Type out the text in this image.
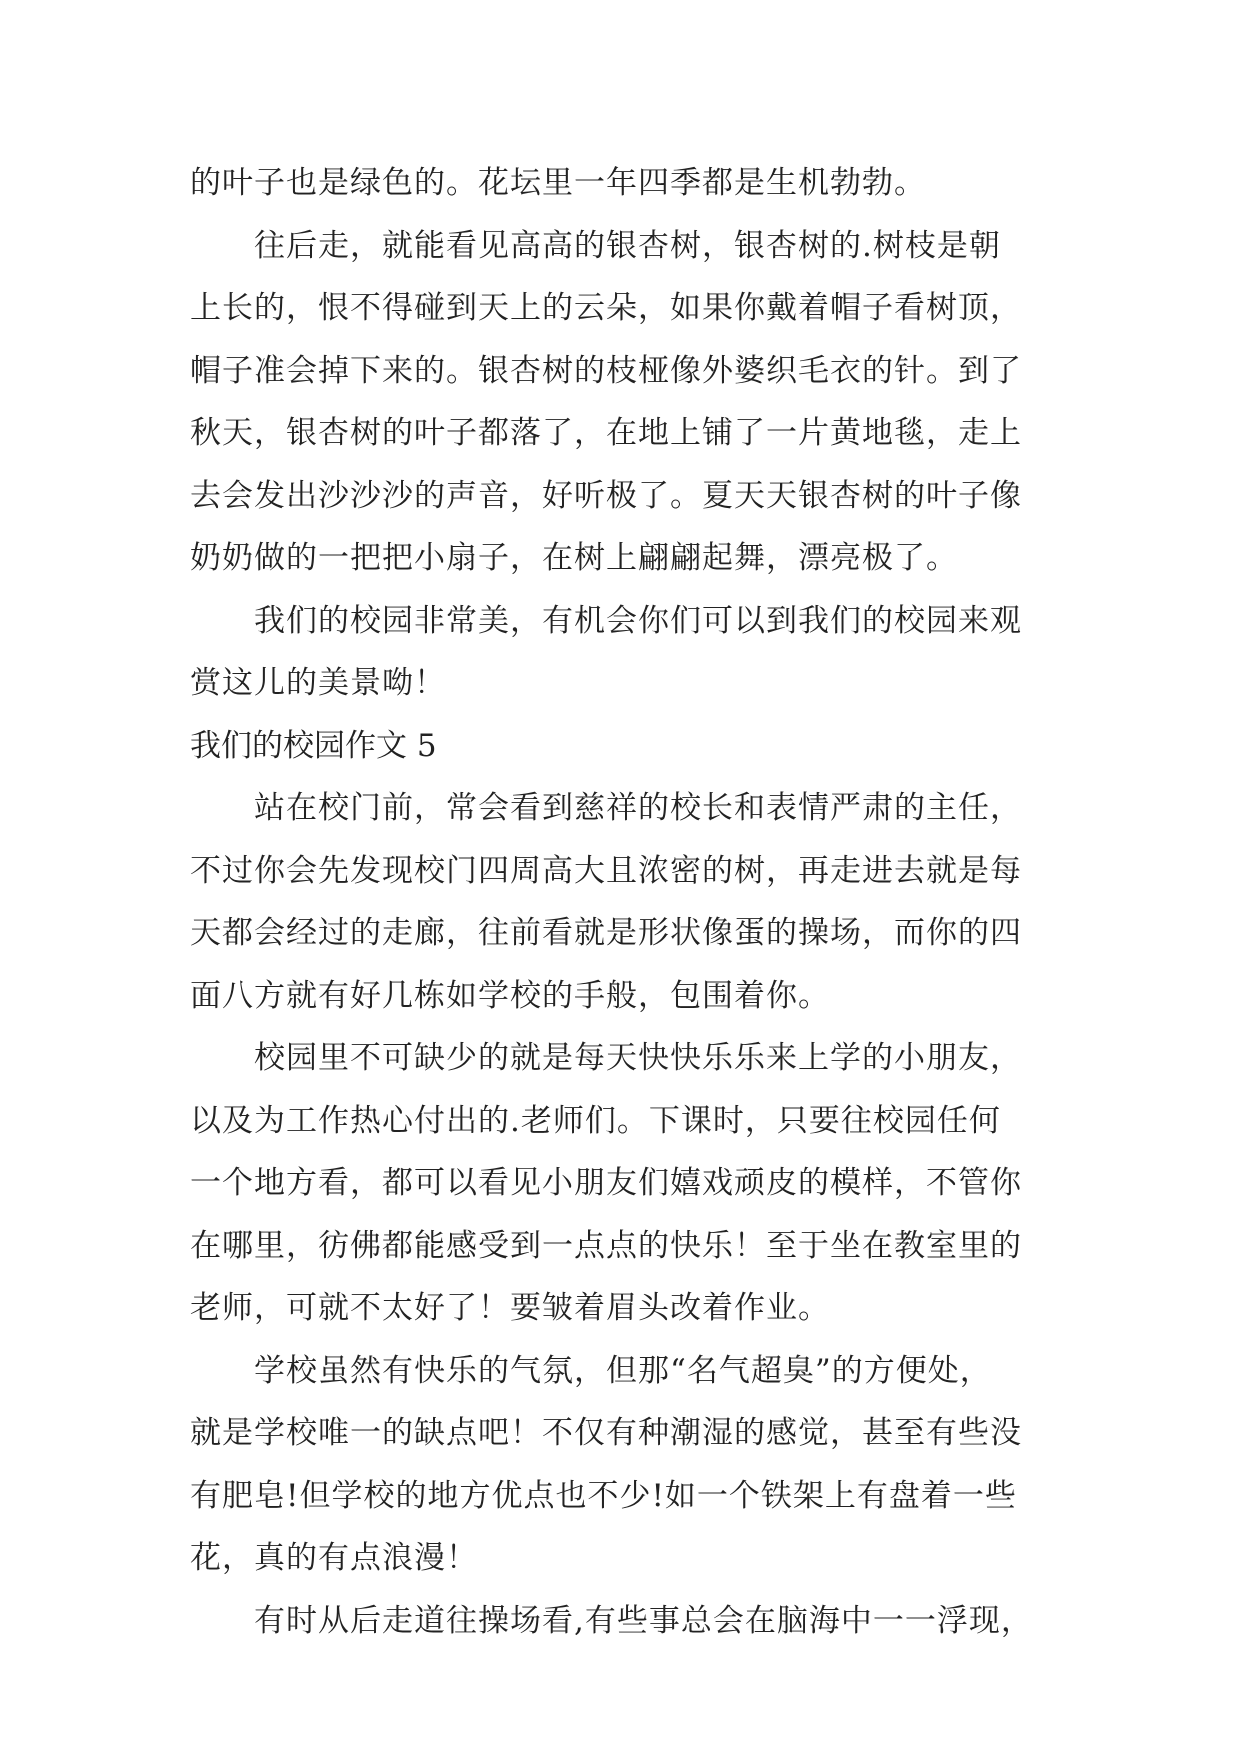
的叶子也是绿色的。花坛里一年四季都是生机勃勃。
往后走，就能看见高高的银杏树，银杏树的.树枝是朝
上长的，恨不得碰到天上的云朵，如果你戴着帽子看树顶，
帽子准会掉下来的。银杏树的枝桠像外婆织毛衣的针。到了
秋天，银杏树的叶子都落了，在地上铺了一片黄地毯，走上
去会发出沙沙沙的声音，好听极了。夏天天银杏树的叶子像
奶奶做的一把把小扇子，在树上翩翩起舞，漂亮极了。
我们的校园非常美，有机会你们可以到我们的校园来观
赏这儿的美景呦！
我们的校园作文 5
站在校门前，常会看到慈祥的校长和表情严肃的主任，
不过你会先发现校门四周高大且浓密的树，再走进去就是每
天都会经过的走廊，往前看就是形状像蛋的操场，而你的四
面八方就有好几栋如学校的手般，包围着你。
校园里不可缺少的就是每天快快乐乐来上学的小朋友，
以及为工作热心付出的.老师们。下课时，只要往校园任何
一个地方看，都可以看见小朋友们嬉戏顽皮的模样，不管你
在哪里，彷佛都能感受到一点点的快乐！至于坐在教室里的
老师，可就不太好了！要皱着眉头改着作业。
学校虽然有快乐的气氛，但那“名气超臭”的方便处，
就是学校唯一的缺点吧！不仅有种潮湿的感觉，甚至有些没
有肥皂!但学校的地方优点也不少!如一个铁架上有盘着一些
花，真的有点浪漫！
有时从后走道往操场看,有些事总会在脑海中一一浮现，
